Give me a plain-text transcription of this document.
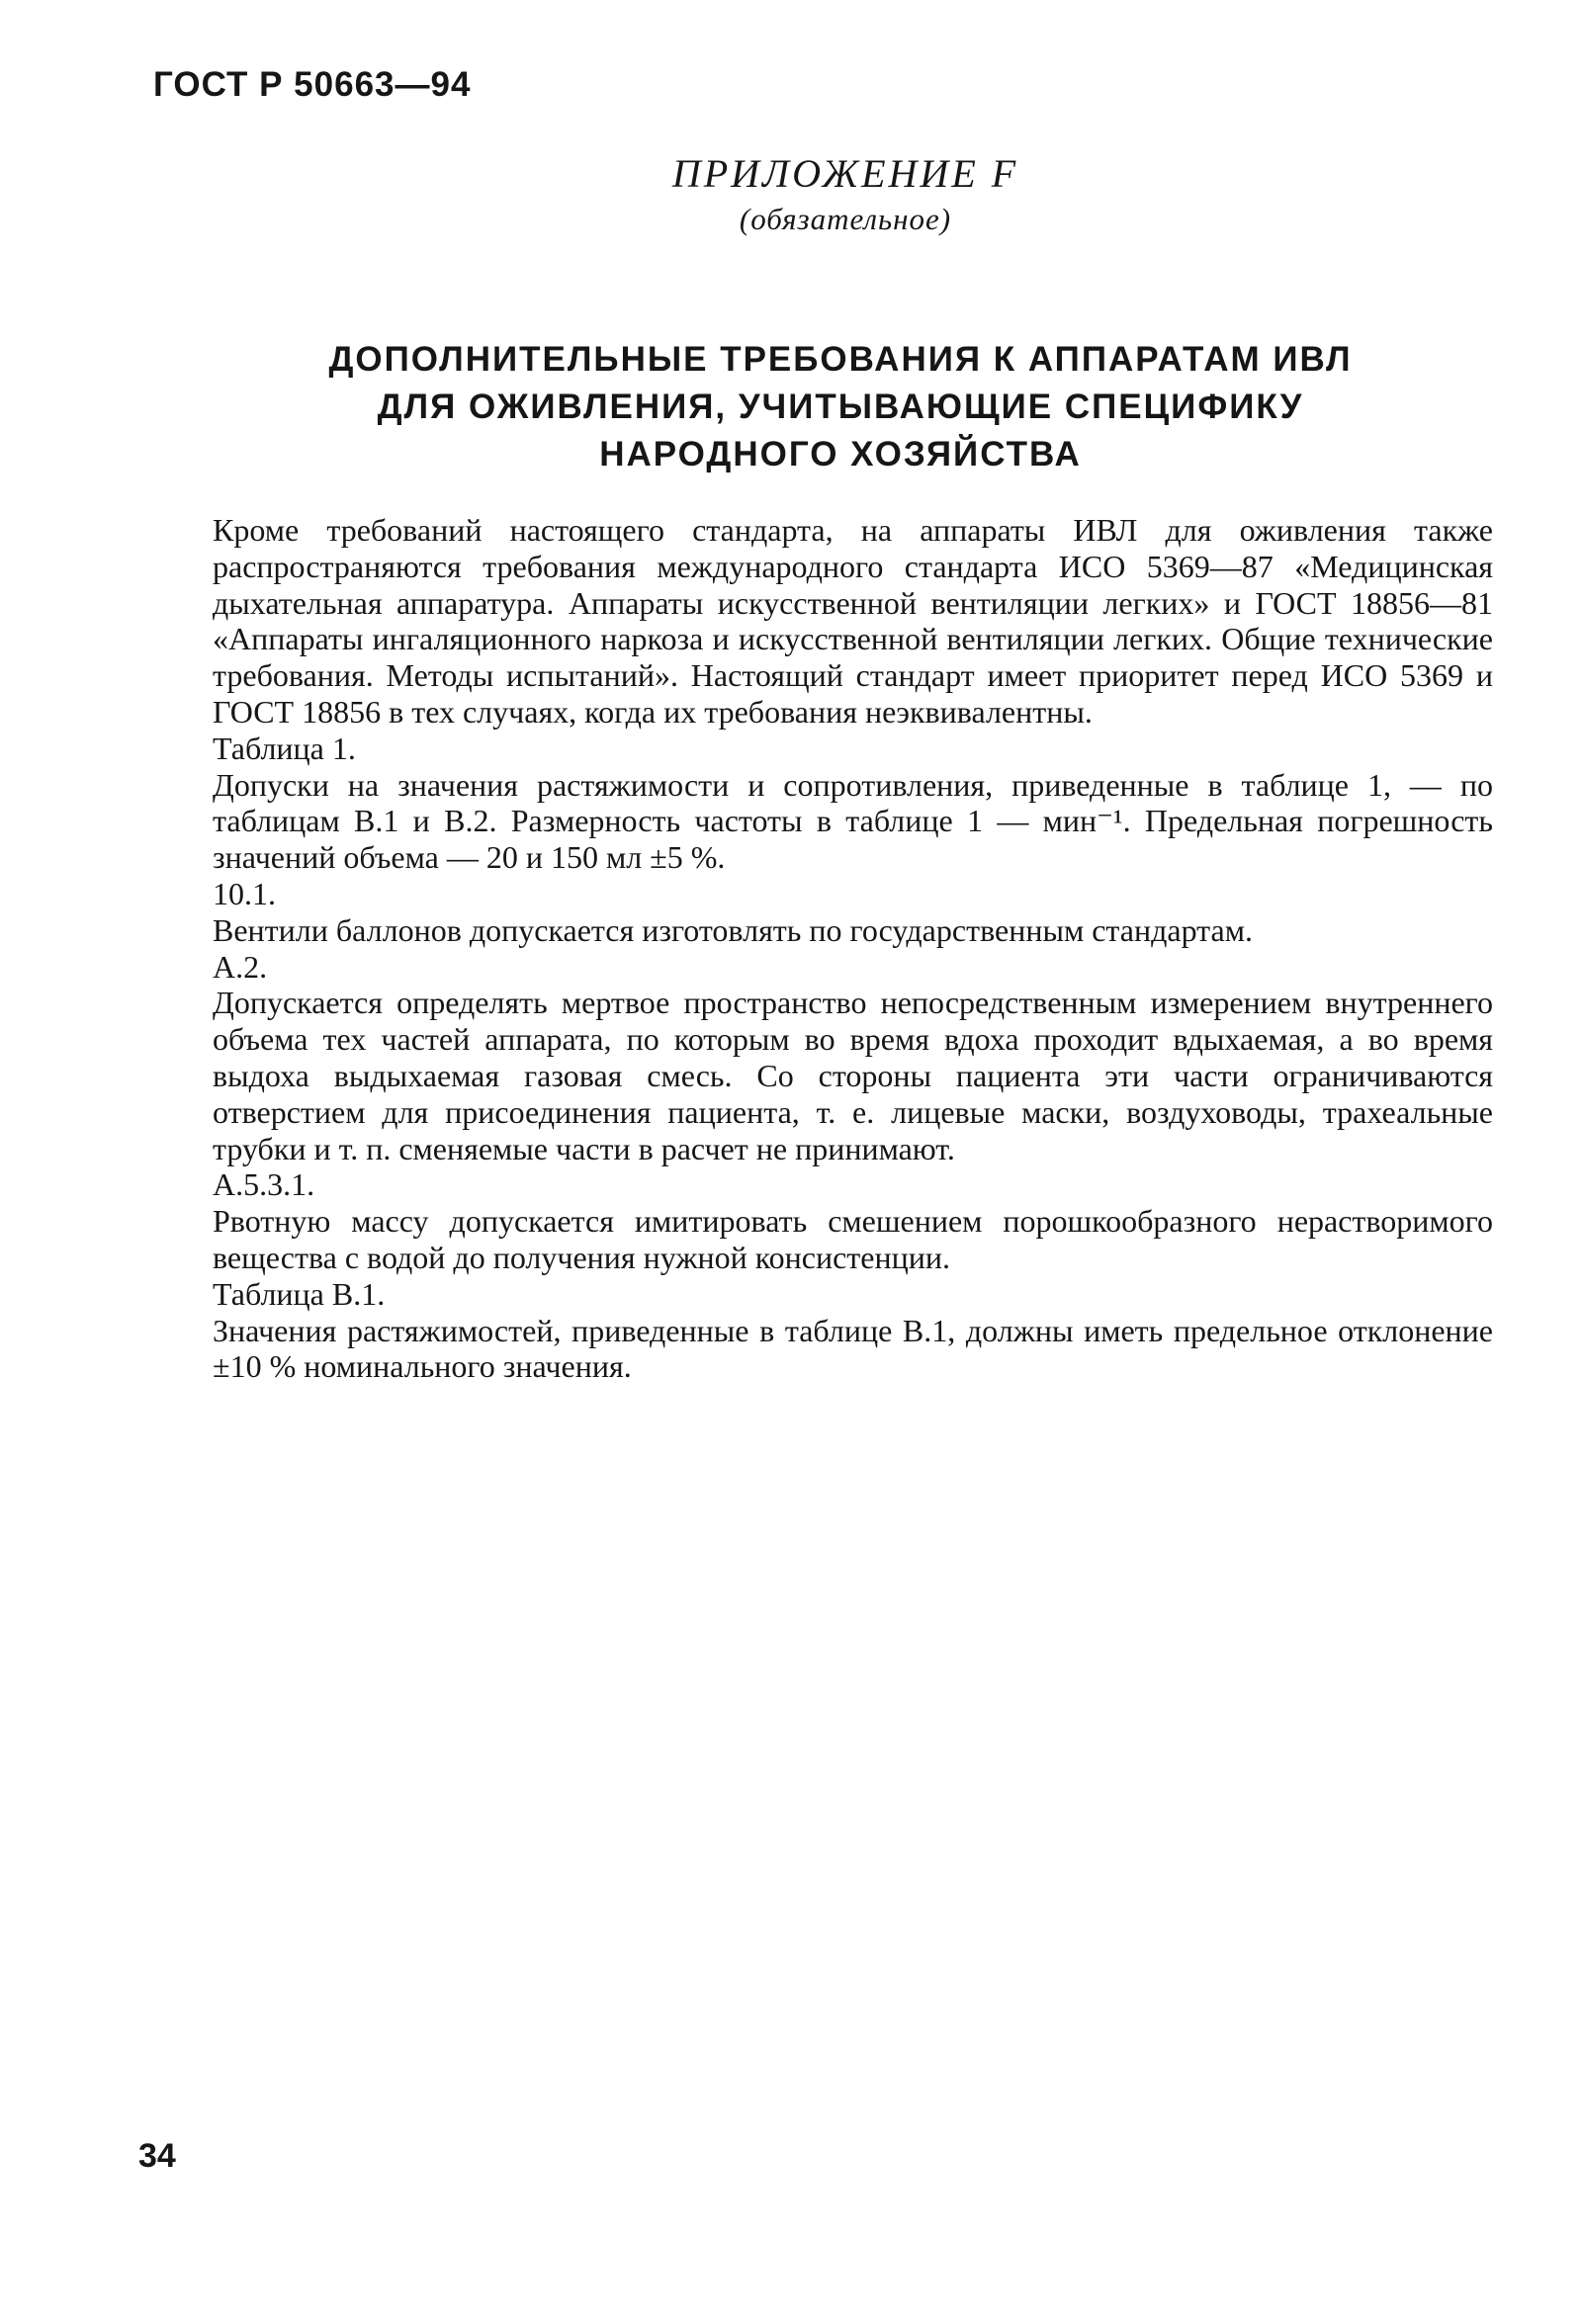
ГОСТ Р 50663—94
ПРИЛОЖЕНИЕ F
(обязательное)
ДОПОЛНИТЕЛЬНЫЕ ТРЕБОВАНИЯ К АППАРАТАМ ИВЛ
ДЛЯ ОЖИВЛЕНИЯ, УЧИТЫВАЮЩИЕ СПЕЦИФИКУ
НАРОДНОГО ХОЗЯЙСТВА

Кроме требований настоящего стандарта, на аппараты ИВЛ для оживления также распространяются требования международного стандарта ИСО 5369—87 «Медицинская дыхательная аппаратура. Аппараты искусственной вентиляции легких» и ГОСТ 18856—81 «Аппараты ингаляционного наркоза и искусственной вентиляции легких. Общие технические требования. Методы испытаний». Настоящий стандарт имеет приоритет перед ИСО 5369 и ГОСТ 18856 в тех случаях, когда их требования неэквивалентны.

Таблица 1.

Допуски на значения растяжимости и сопротивления, приведенные в таблице 1, — по таблицам В.1 и В.2. Размерность частоты в таблице 1 — мин⁻¹. Предельная погрешность значений объема — 20 и 150 мл ±5 %.

10.1.

Вентили баллонов допускается изготовлять по государственным стандартам.

А.2.

Допускается определять мертвое пространство непосредственным измерением внутреннего объема тех частей аппарата, по которым во время вдоха проходит вдыхаемая, а во время выдоха выдыхаемая газовая смесь. Со стороны пациента эти части ограничиваются отверстием для присоединения пациента, т. е. лицевые маски, воздуховоды, трахеальные трубки и т. п. сменяемые части в расчет не принимают.

А.5.3.1.

Рвотную массу допускается имитировать смешением порошкообразного нерастворимого вещества с водой до получения нужной консистенции.

Таблица В.1.

Значения растяжимостей, приведенные в таблице В.1, должны иметь предельное отклонение ±10 % номинального значения.

34
